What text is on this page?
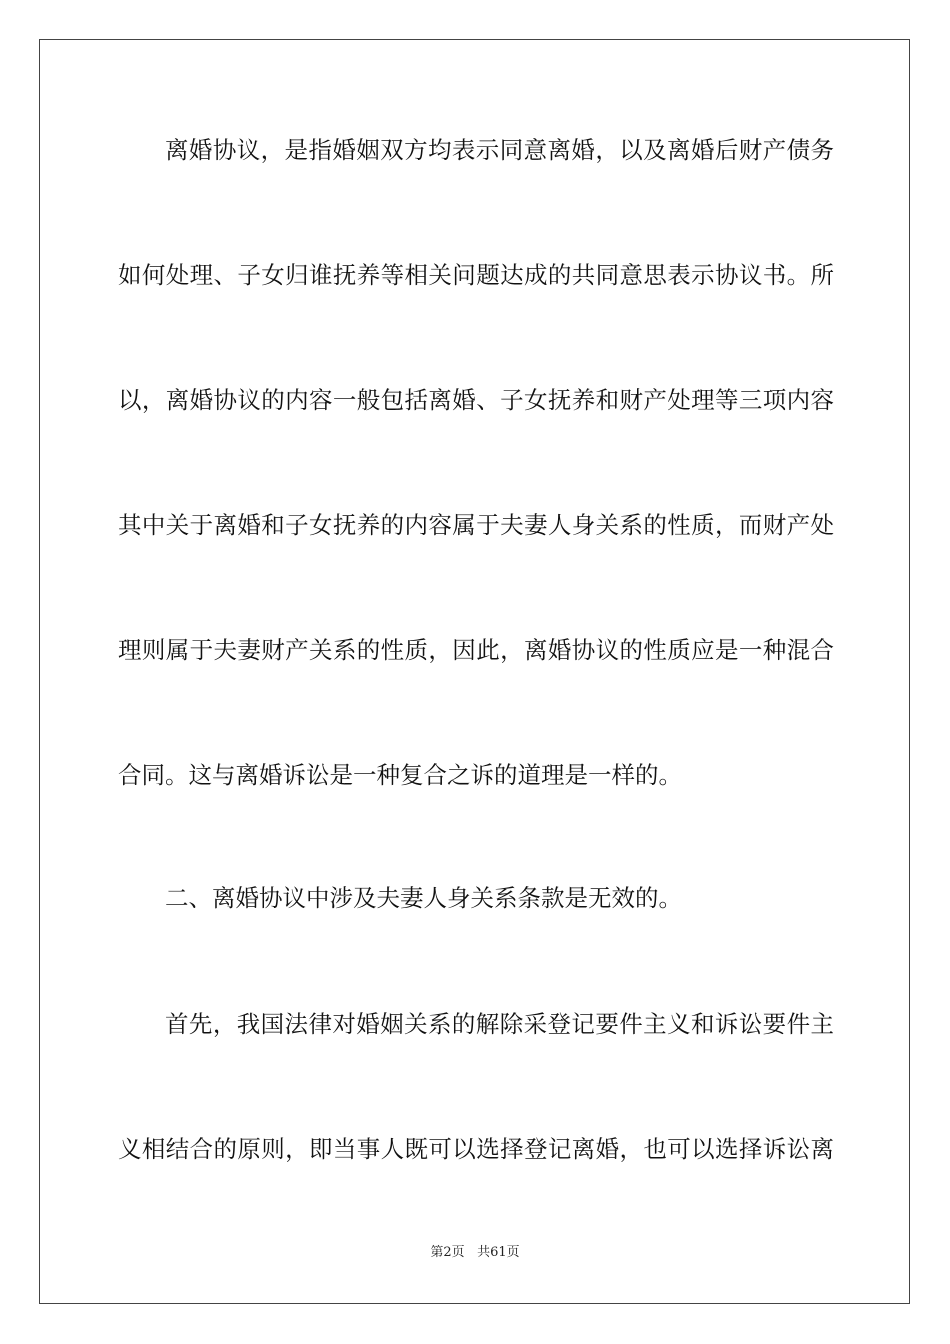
离婚协议，是指婚姻双方均表示同意离婚，以及离婚后财产债务
如何处理、子女归谁抚养等相关问题达成的共同意思表示协议书。所
以，离婚协议的内容一般包括离婚、子女抚养和财产处理等三项内容
其中关于离婚和子女抚养的内容属于夫妻人身关系的性质，而财产处
理则属于夫妻财产关系的性质，因此，离婚协议的性质应是一种混合
合同。这与离婚诉讼是一种复合之诉的道理是一样的。
二、离婚协议中涉及夫妻人身关系条款是无效的。
首先，我国法律对婚姻关系的解除采登记要件主义和诉讼要件主
义相结合的原则，即当事人既可以选择登记离婚，也可以选择诉讼离
第2页 共61页
